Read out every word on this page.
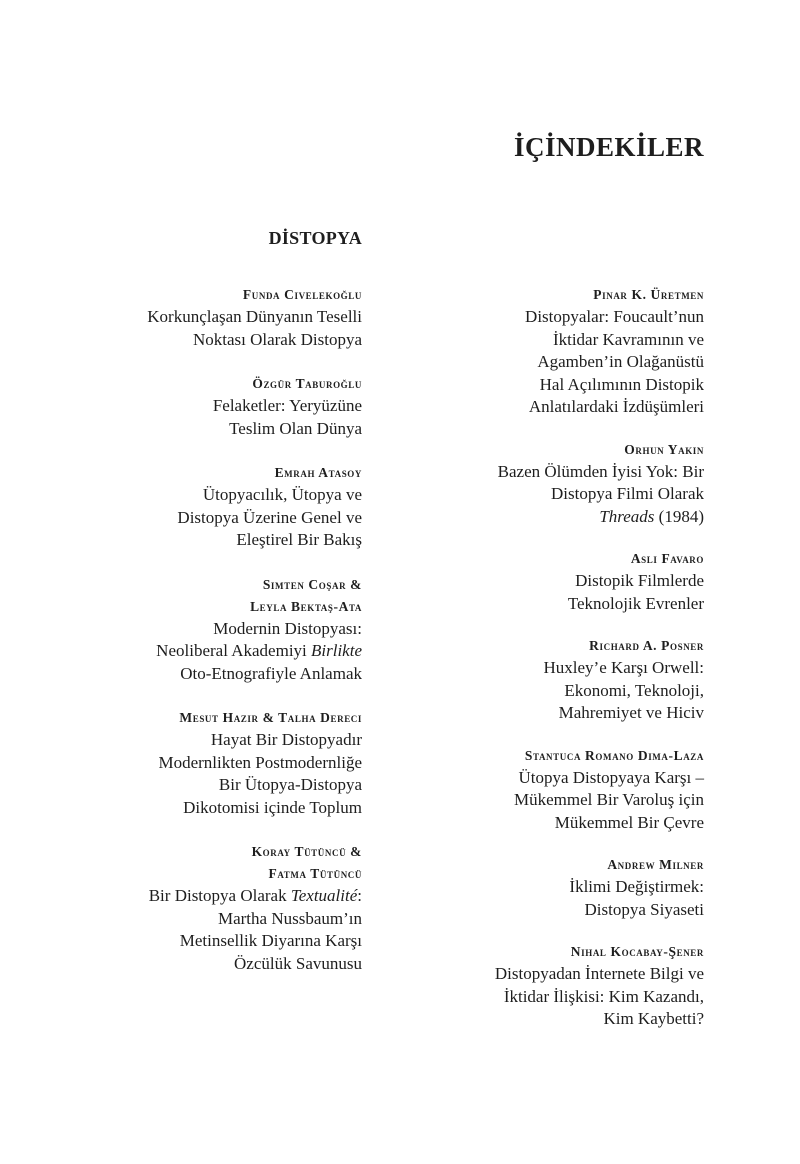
İÇİNDEKİLER
DİSTOPYA
Funda Civelekoğlu
Korkunçlaşan Dünyanın Teselli
Noktası Olarak Distopya
Özgür Taburoğlu
Felaketler: Yeryüzüne
Teslim Olan Dünya
Emrah Atasoy
Ütopyacılık, Ütopya ve
Distopya Üzerine Genel ve
Eleştirel Bir Bakış
Simten Coşar &
Leyla Bektaş-Ata
Modernin Distopyası:
Neoliberal Akademiyi Birlikte
Oto-Etnografiyle Anlamak
Mesut Hazır & Talha Dereci
Hayat Bir Distopyadır
Modernlikten Postmodernliğe
Bir Ütopya-Distopya
Dikotomisi içinde Toplum
Koray Tütüncü &
Fatma Tütüncü
Bir Distopya Olarak Textualité:
Martha Nussbaum’ın
Metinsellik Diyarına Karşı
Özcülük Savunusu
Pınar K. Üretmen
Distopyalar: Foucault’nun
İktidar Kavramının ve
Agamben’in Olağanüstü
Hal Açılımının Distopik
Anlatılardaki İzdüşümleri
Orhun Yakın
Bazen Ölümden İyisi Yok: Bir
Distopya Filmi Olarak
Threads (1984)
Aslı Favaro
Distopik Filmlerde
Teknolojik Evrenler
Richard A. Posner
Huxley’e Karşı Orwell:
Ekonomi, Teknoloji,
Mahremiyet ve Hiciv
Stantuca Romano Dima-Laza
Ütopya Distopyaya Karşı –
Mükemmel Bir Varoluş için
Mükemmel Bir Çevre
Andrew Milner
İklimi Değiştirmek:
Distopya Siyaseti
Nihal Kocabay-Şener
Distopyadan İnternete Bilgi ve
İktidar İlişkisi: Kim Kazandı,
Kim Kaybetti?
